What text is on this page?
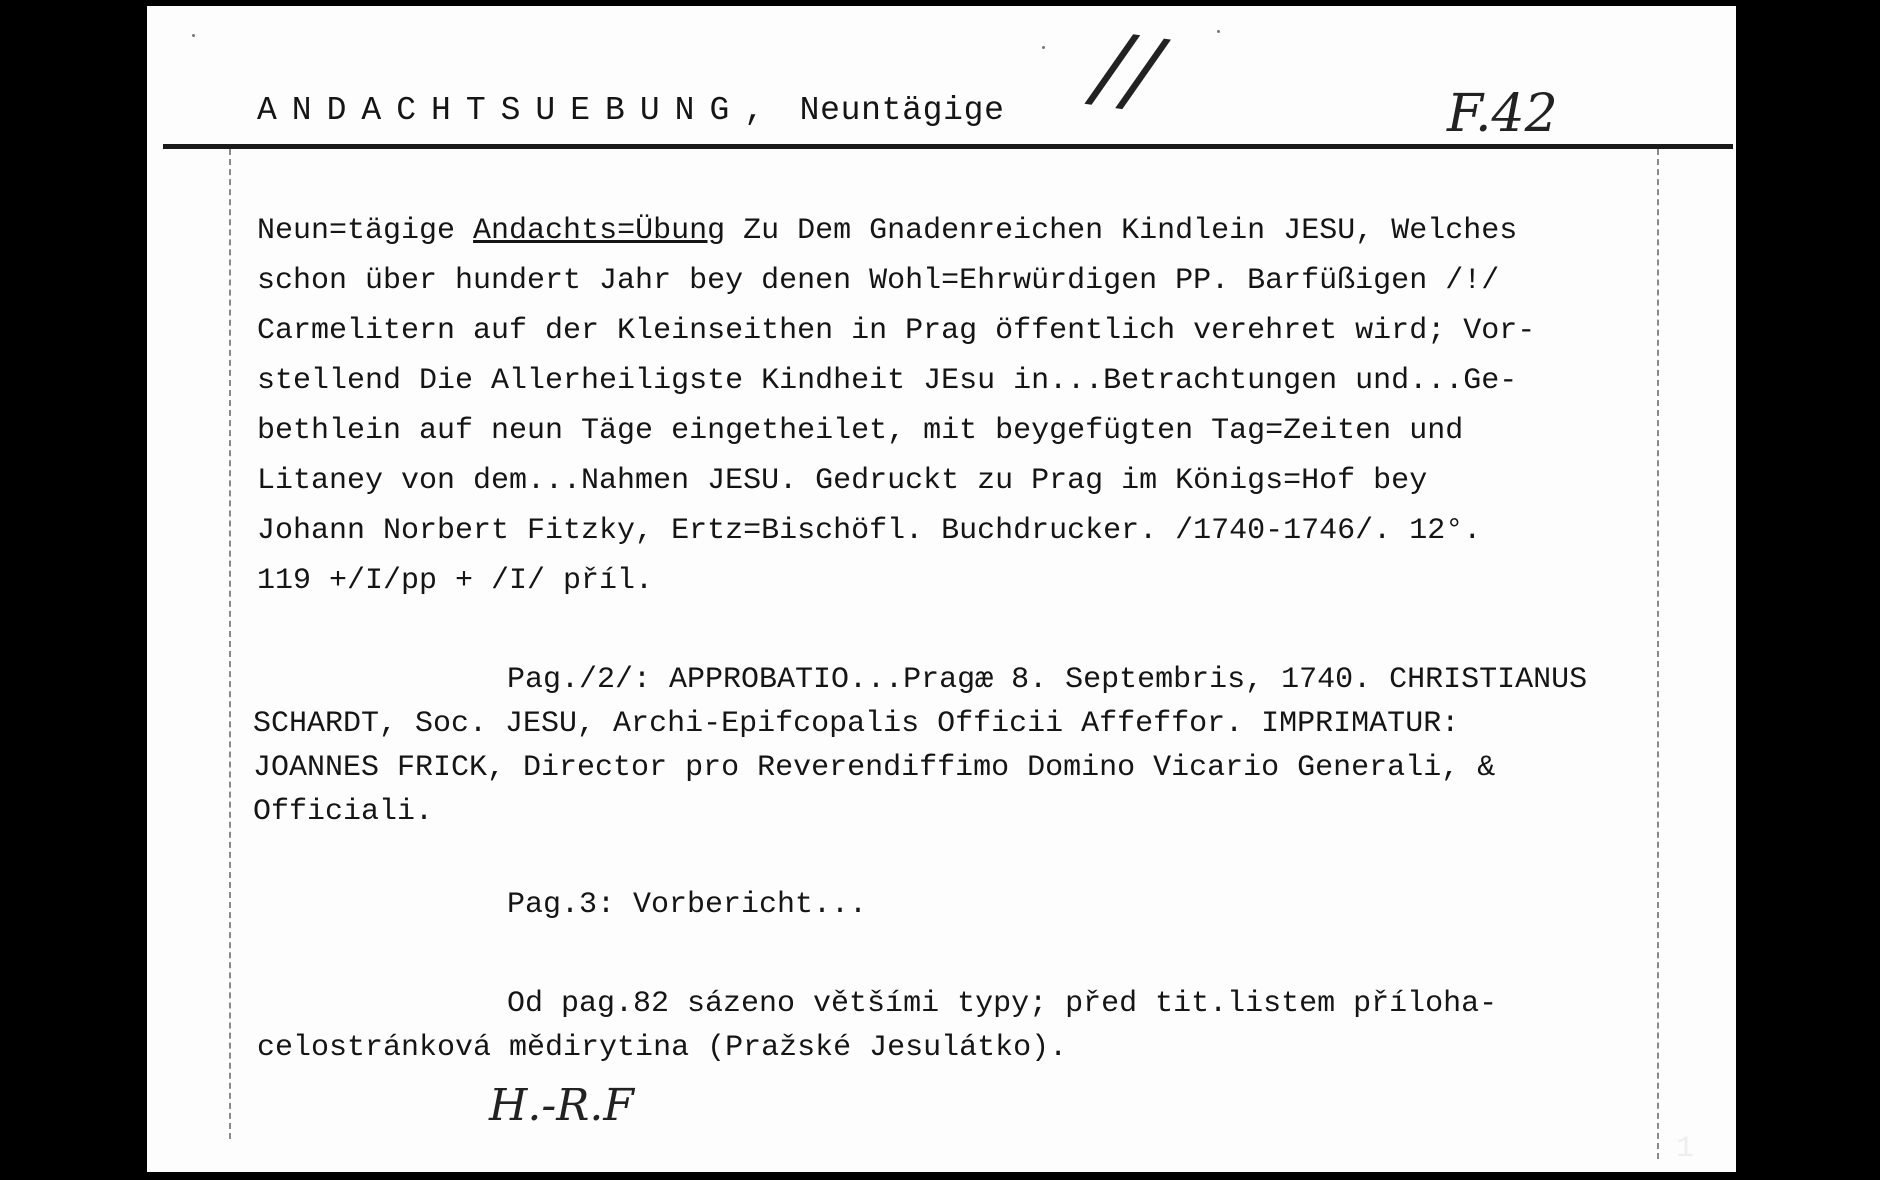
ANDACHTSUEBUNG, Neuntägige //	F.42
Neun=tägige Andachts=Übung Zu Dem Gnadenreichen Kindlein JESU, Welches
schon über hundert Jahr bey denen Wohl=Ehrwürdigen PP. Barfüßigen /!/
Carmelitern auf der Kleinseithen in Prag öffentlich verehret wird; Vor-
stellend Die Allerheiligste Kindheit JEsu in...Betrachtungen und...Ge-
bethlein auf neun Täge eingetheilet, mit beygefügten Tag=Zeiten und
Litaney von dem...Nahmen JESU. Gedruckt zu Prag im Königs=Hof bey
Johann Norbert Fitzky, Ertz=Bischöfl. Buchdrucker. /1740-1746/. 12°.
119 +/I/pp + /I/ příl.
Pag./2/: APPROBATIO...Pragæ 8. Septembris, 1740. CHRISTIANUS
SCHARDT, Soc. JESU, Archi-Epifcopalis Officii Affeffor. IMPRIMATUR:
JOANNES FRICK, Director pro Reverendiffimo Domino Vicario Generali, &
Officiali.
Pag.3: Vorbericht...
Od pag.82 sázeno většími typy; před tit.listem příloha-
celostránková mědirytina (Pražské Jesulátko).
H.-R.F
1
